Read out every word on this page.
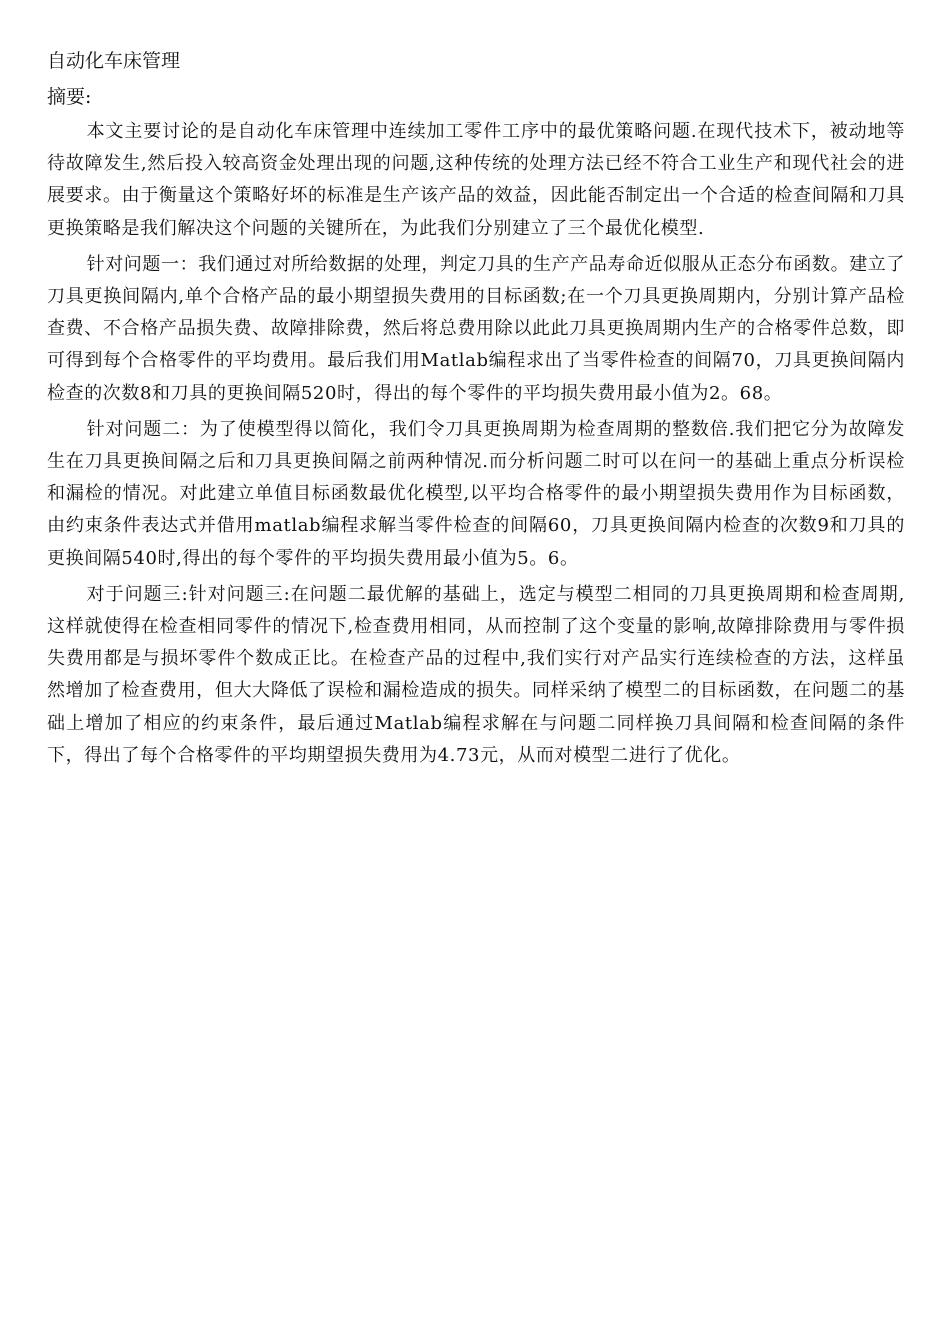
自动化车床管理
摘要:

本文主要讨论的是自动化车床管理中连续加工零件工序中的最优策略问题.在现代技术下，被动地等待故障发生,然后投入较高资金处理出现的问题,这种传统的处理方法已经不符合工业生产和现代社会的进展要求。由于衡量这个策略好坏的标准是生产该产品的效益，因此能否制定出一个合适的检查间隔和刀具更换策略是我们解决这个问题的关键所在，为此我们分别建立了三个最优化模型.

针对问题一：我们通过对所给数据的处理，判定刀具的生产产品寿命近似服从正态分布函数。建立了刀具更换间隔内,单个合格产品的最小期望损失费用的目标函数;在一个刀具更换周期内，分别计算产品检查费、不合格产品损失费、故障排除费，然后将总费用除以此此刀具更换周期内生产的合格零件总数，即可得到每个合格零件的平均费用。最后我们用Matlab编程求出了当零件检查的间隔70，刀具更换间隔内检查的次数8和刀具的更换间隔520时，得出的每个零件的平均损失费用最小值为2。68。

针对问题二：为了使模型得以简化，我们令刀具更换周期为检查周期的整数倍.我们把它分为故障发生在刀具更换间隔之后和刀具更换间隔之前两种情况.而分析问题二时可以在问一的基础上重点分析误检和漏检的情况。对此建立单值目标函数最优化模型,以平均合格零件的最小期望损失费用作为目标函数，由约束条件表达式并借用matlab编程求解当零件检查的间隔60，刀具更换间隔内检查的次数9和刀具的更换间隔540时,得出的每个零件的平均损失费用最小值为5。6。

对于问题三:针对问题三:在问题二最优解的基础上，选定与模型二相同的刀具更换周期和检查周期,这样就使得在检查相同零件的情况下,检查费用相同，从而控制了这个变量的影响,故障排除费用与零件损失费用都是与损坏零件个数成正比。在检查产品的过程中,我们实行对产品实行连续检查的方法，这样虽然增加了检查费用，但大大降低了误检和漏检造成的损失。同样采纳了模型二的目标函数，在问题二的基础上增加了相应的约束条件，最后通过Matlab编程求解在与问题二同样换刀具间隔和检查间隔的条件下，得出了每个合格零件的平均期望损失费用为4.73元，从而对模型二进行了优化。
